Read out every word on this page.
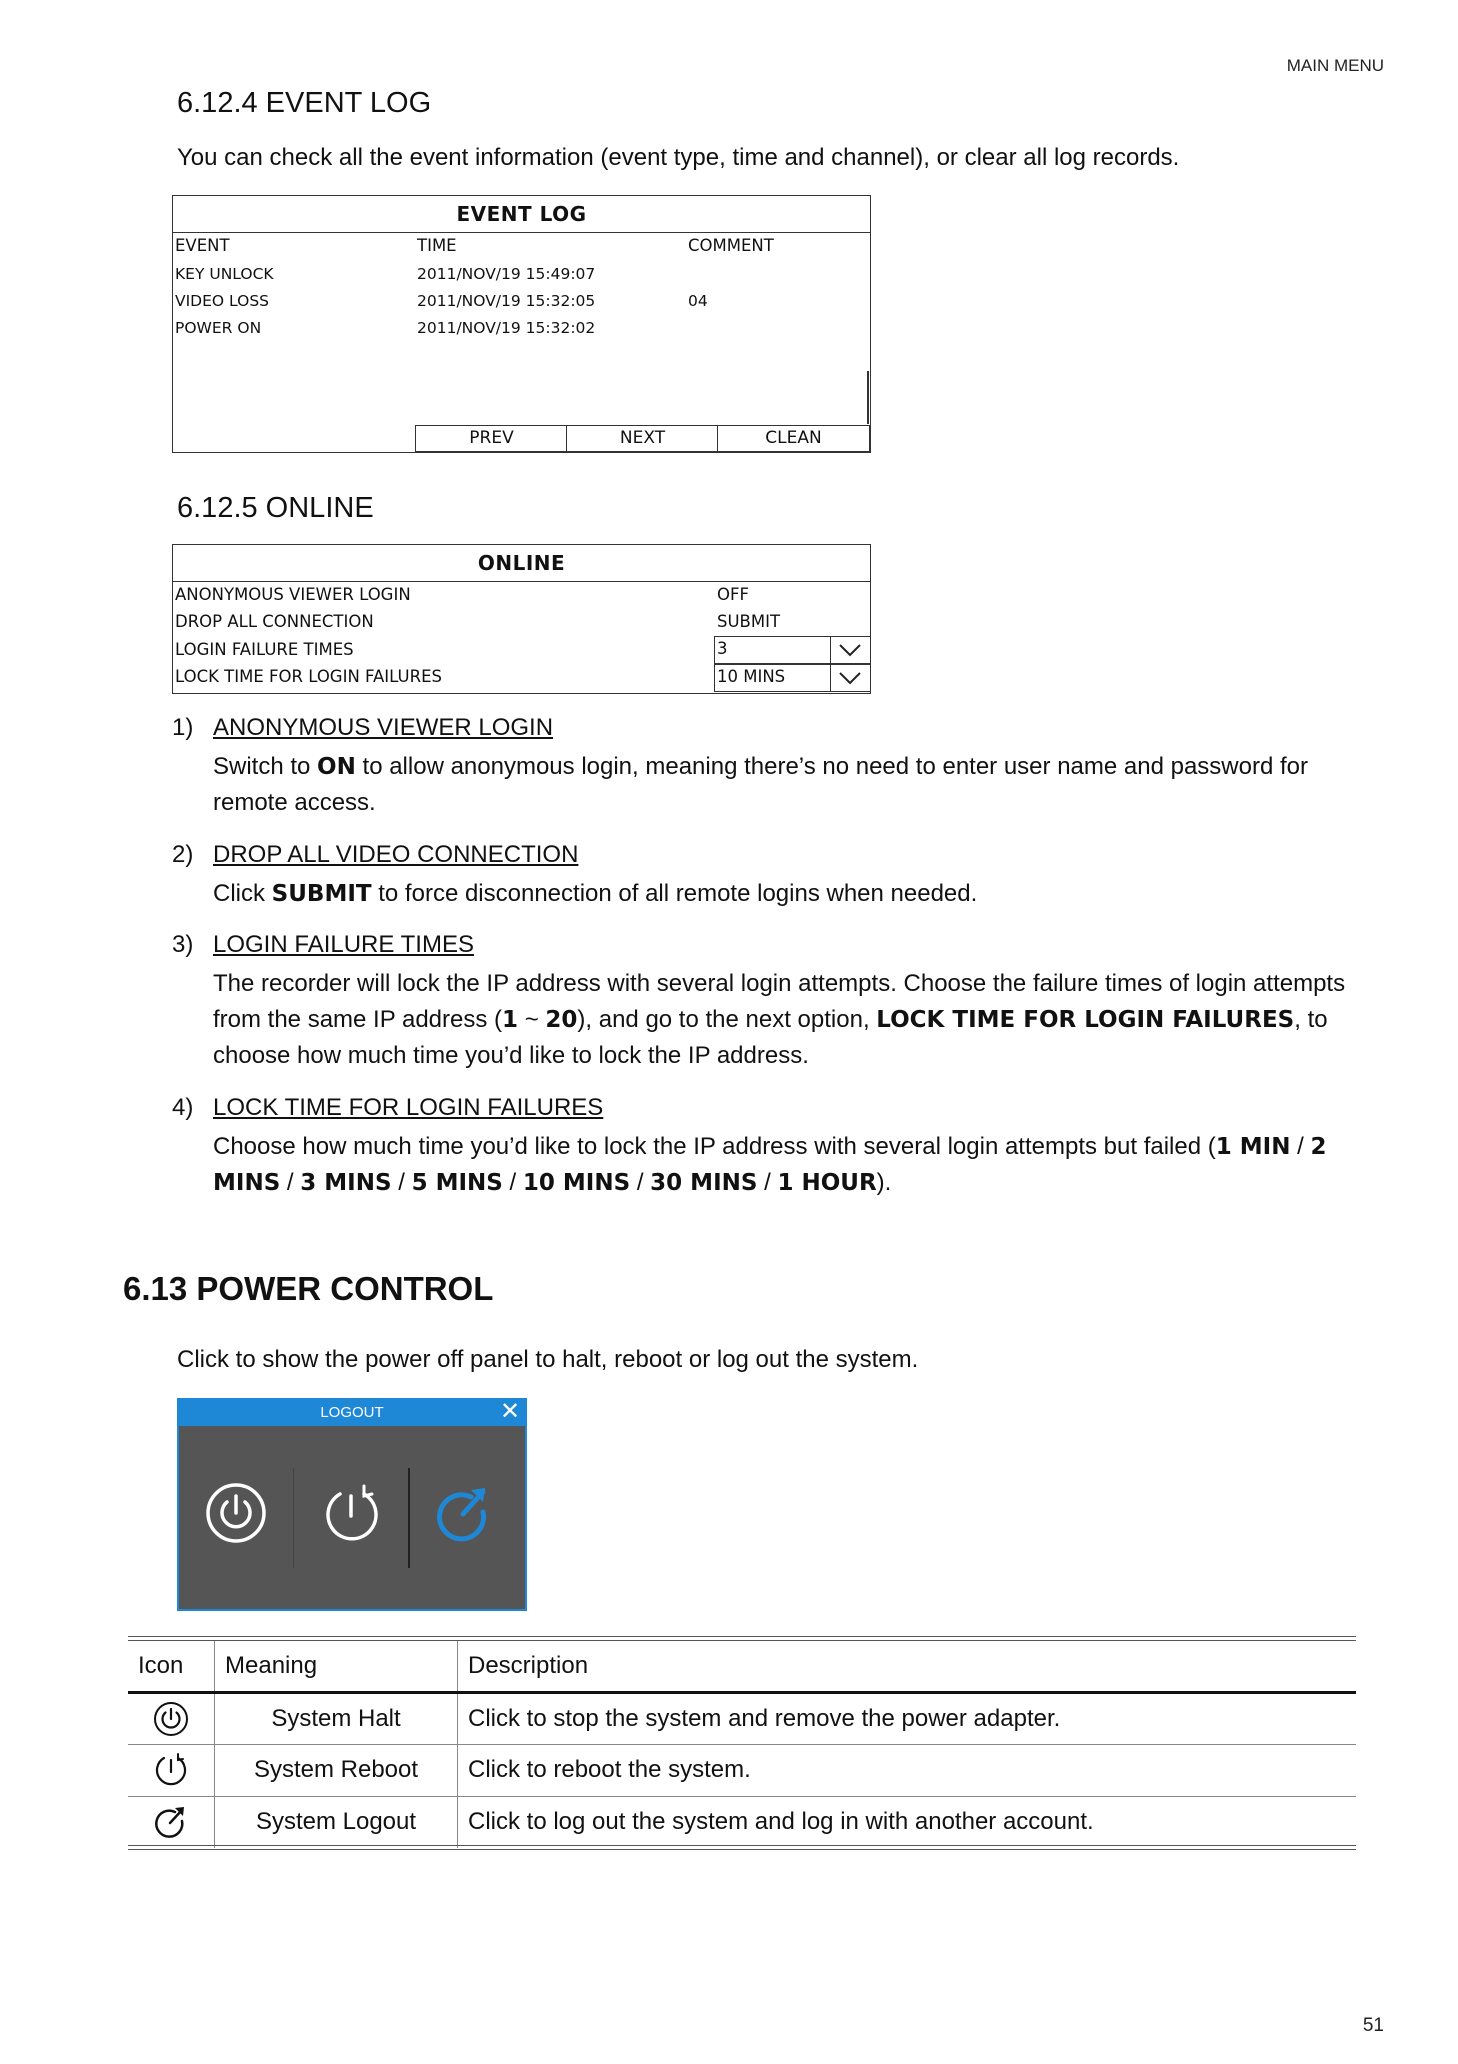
MAIN MENU
6.12.4 EVENT LOG

You can check all the event information (event type, time and channel), or clear all log records.

EVENT LOG
EVENT	TIME	COMMENT
KEY UNLOCK	2011/NOV/19 15:49:07
VIDEO LOSS	2011/NOV/19 15:32:05	04
POWER ON	2011/NOV/19 15:32:02
PREV	NEXT	CLEAN
6.12.5 ONLINE
ONLINE
ANONYMOUS VIEWER LOGIN	OFF
DROP ALL CONNECTION	SUBMIT
LOGIN FAILURE TIMES	3
LOCK TIME FOR LOGIN FAILURES	10 MINS
1) ANONYMOUS VIEWER LOGIN

Switch to ON to allow anonymous login, meaning there’s no need to enter user name and password for
remote access.

2) DROP ALL VIDEO CONNECTION

Click SUBMIT to force disconnection of all remote logins when needed.

3) LOGIN FAILURE TIMES

The recorder will lock the IP address with several login attempts. Choose the failure times of login attempts
from the same IP address (1 ~ 20), and go to the next option, LOCK TIME FOR LOGIN FAILURES, to
choose how much time you’d like to lock the IP address.

4) LOCK TIME FOR LOGIN FAILURES

Choose how much time you’d like to lock the IP address with several login attempts but failed (1 MIN / 2
MINS / 3 MINS / 5 MINS / 10 MINS / 30 MINS / 1 HOUR).

6.13 POWER CONTROL

Click to show the power off panel to halt, reboot or log out the system.

LOGOUT	✕
Icon	Meaning	Description
	System Halt	Click to stop the system and remove the power adapter.
	System Reboot	Click to reboot the system.
	System Logout	Click to log out the system and log in with another account.
51
